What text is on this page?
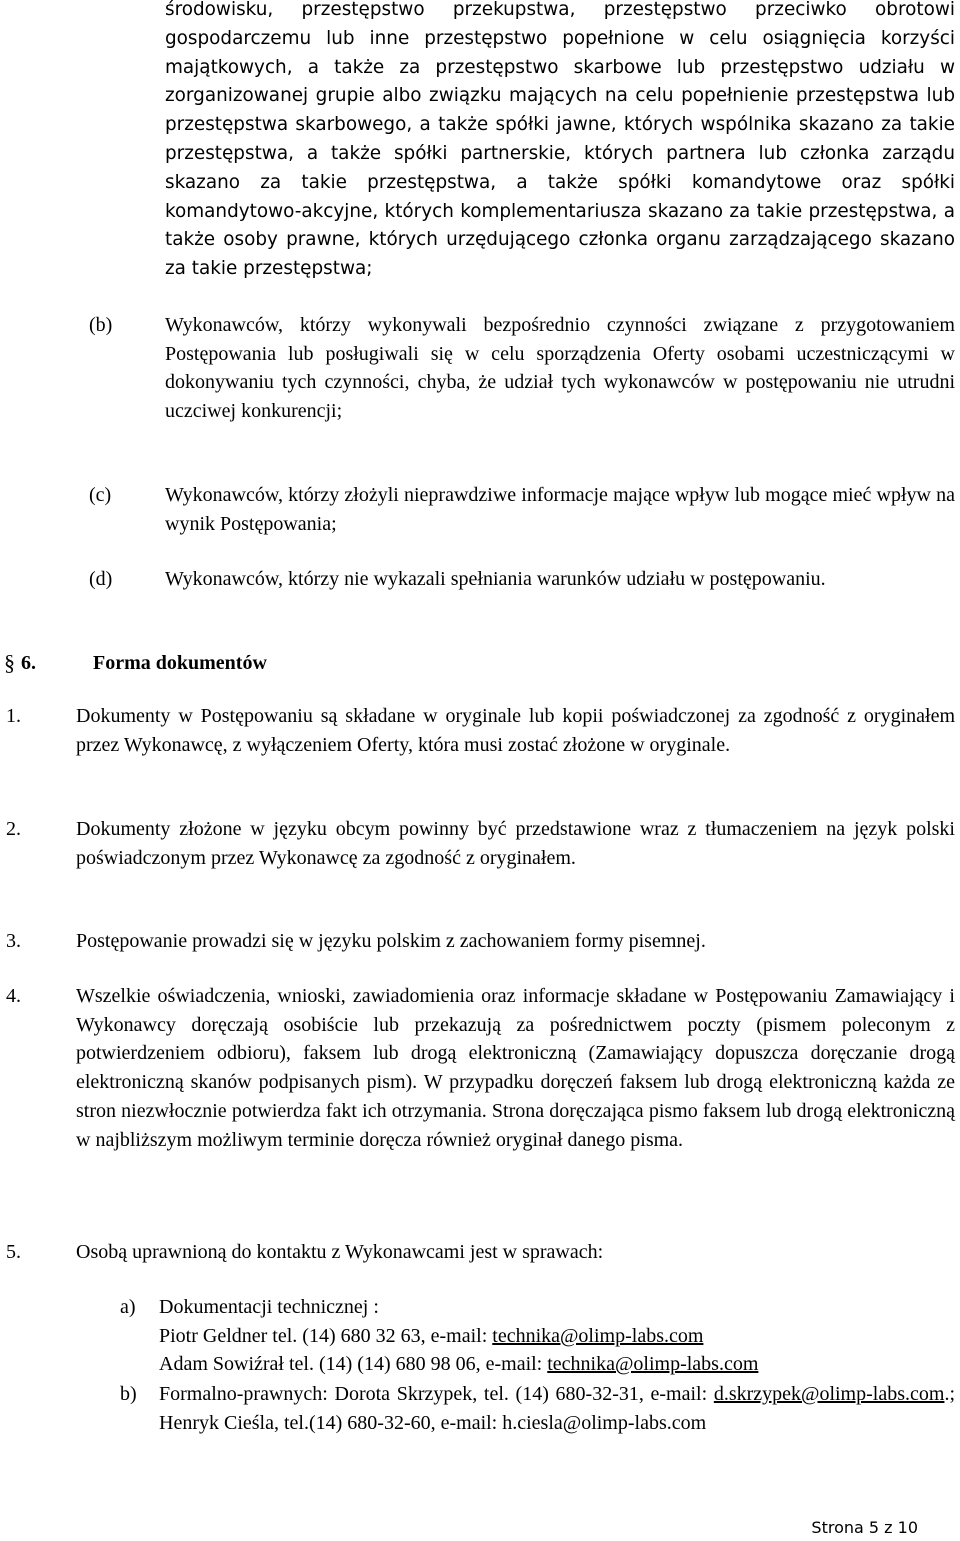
środowisku, przestępstwo przekupstwa, przestępstwo przeciwko obrotowi gospodarczemu lub inne przestępstwo popełnione w celu osiągnięcia korzyści majątkowych, a także za przestępstwo skarbowe lub przestępstwo udziału w zorganizowanej grupie albo związku mających na celu popełnienie przestępstwa lub przestępstwa skarbowego, a także spółki jawne, których wspólnika skazano za takie przestępstwa, a także spółki partnerskie, których partnera lub członka zarządu skazano za takie przestępstwa, a także spółki komandytowe oraz spółki komandytowo-akcyjne, których komplementariusza skazano za takie przestępstwa, a także osoby prawne, których urzędującego członka organu zarządzającego skazano za takie przestępstwa;
(b)	Wykonawców, którzy wykonywali bezpośrednio czynności związane z przygotowaniem Postępowania lub posługiwali się w celu sporządzenia Oferty osobami uczestniczącymi w dokonywaniu tych czynności, chyba, że udział tych wykonawców w postępowaniu nie utrudni uczciwej konkurencji;
(c)	Wykonawców, którzy złożyli nieprawdziwe informacje mające wpływ lub mogące mieć wpływ na wynik Postępowania;
(d)	Wykonawców, którzy nie wykazali spełniania warunków udziału w postępowaniu.
§ 6.	Forma dokumentów
1.	Dokumenty w Postępowaniu są składane w oryginale lub kopii poświadczonej za zgodność z oryginałem przez Wykonawcę, z wyłączeniem Oferty, która musi zostać złożone w oryginale.
2.	Dokumenty złożone w języku obcym powinny być przedstawione wraz z tłumaczeniem na język polski poświadczonym przez Wykonawcę za zgodność z oryginałem.
3.	Postępowanie prowadzi się w języku polskim z zachowaniem formy pisemnej.
4.	Wszelkie oświadczenia, wnioski, zawiadomienia oraz informacje składane w Postępowaniu Zamawiający i Wykonawcy doręczają osobiście lub przekazują za pośrednictwem poczty (pismem poleconym z potwierdzeniem odbioru), faksem lub drogą elektroniczną (Zamawiający dopuszcza doręczanie drogą elektroniczną skanów podpisanych pism). W przypadku doręczeń faksem lub drogą elektroniczną każda ze stron niezwłocznie potwierdza fakt ich otrzymania. Strona doręczająca pismo faksem lub drogą elektroniczną w najbliższym możliwym terminie doręcza również oryginał danego pisma.
5.	Osobą uprawnioną do kontaktu z Wykonawcami jest w sprawach:
a) Dokumentacji technicznej :
Piotr Geldner tel. (14) 680 32 63, e-mail: technika@olimp-labs.com
Adam Sowiźrał tel. (14) (14) 680 98 06, e-mail: technika@olimp-labs.com
b) Formalno-prawnych: Dorota Skrzypek, tel. (14) 680-32-31, e-mail: d.skrzypek@olimp-labs.com.; Henryk Cieśla, tel.(14) 680-32-60, e-mail: h.ciesla@olimp-labs.com
Strona 5 z 10
